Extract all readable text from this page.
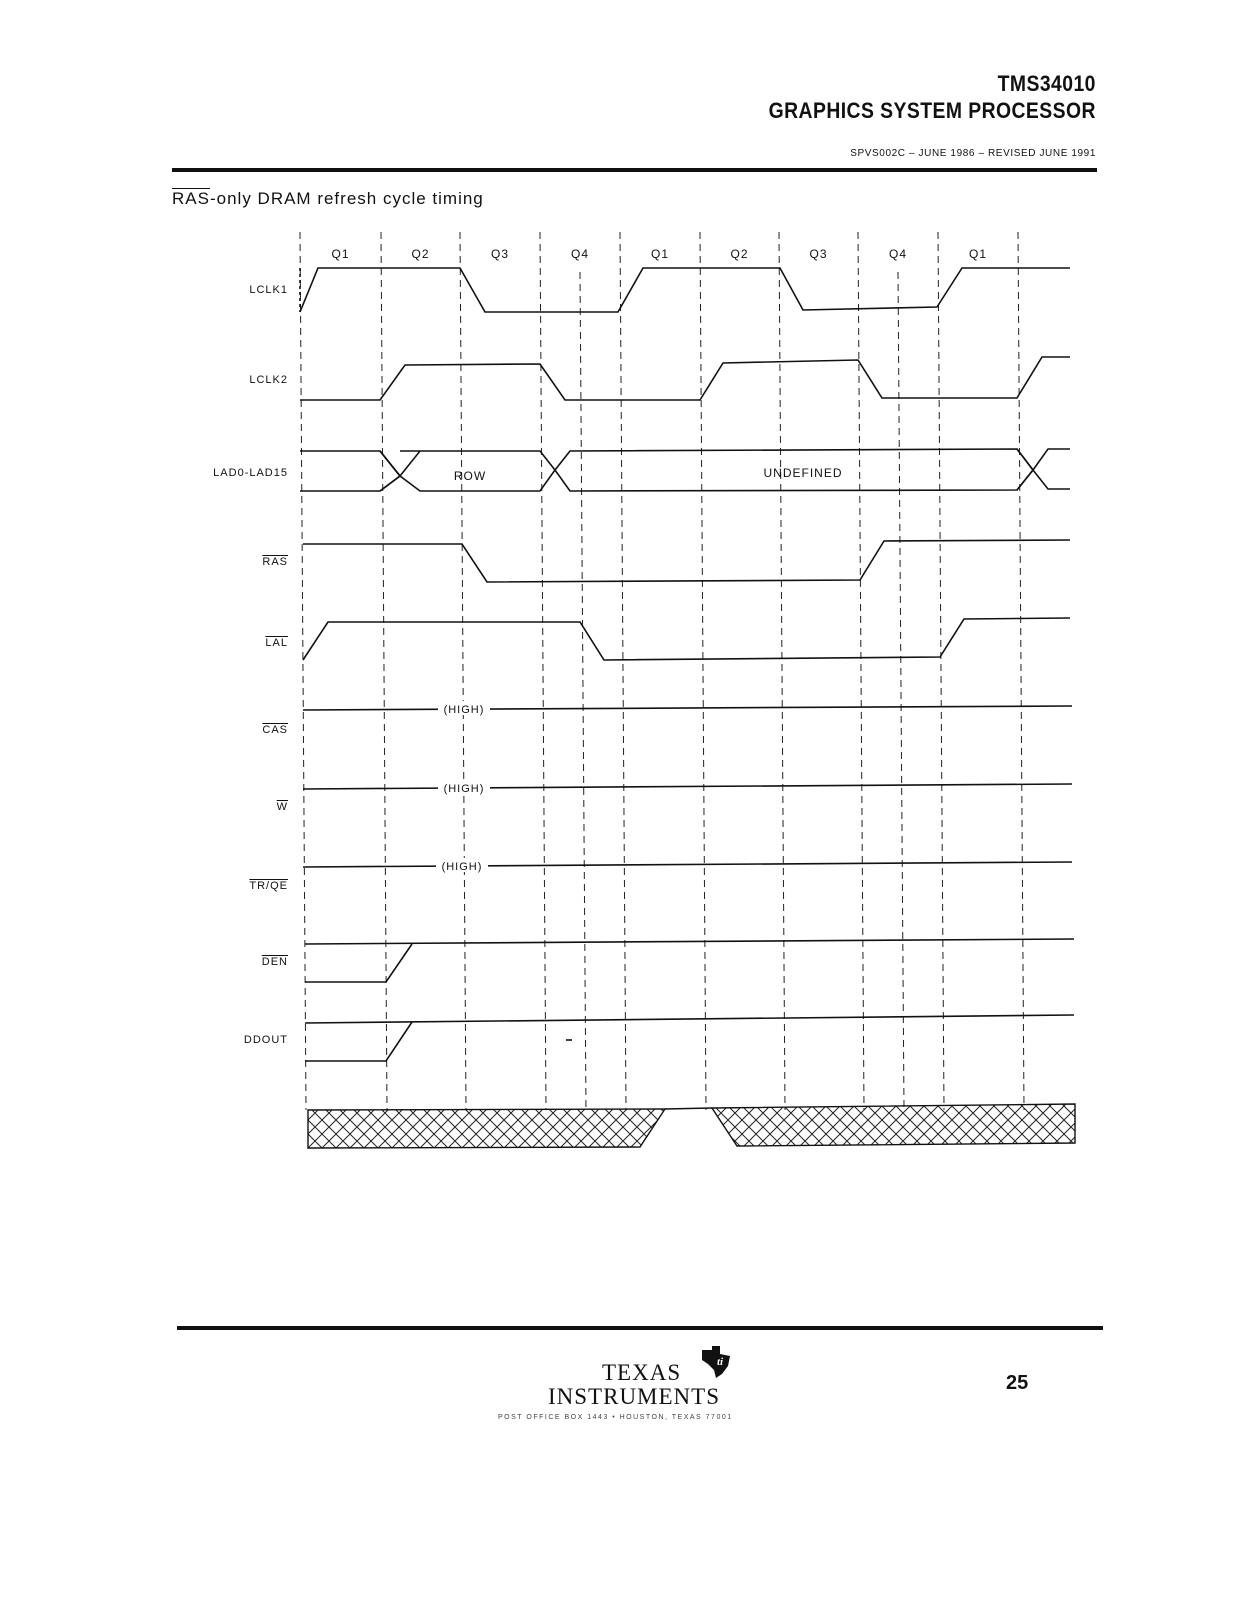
TMS34010
GRAPHICS SYSTEM PROCESSOR
SPVS002C – JUNE 1986 – REVISED JUNE 1991
$\overline{RAS}$-only DRAM refresh cycle timing
LCLK1
LCLK2
LAD0-LAD15
$\overline{RAS}$
$\overline{LAL}$
$\overline{CAS}$
$\overline{W}$
TR/QE
$\overline{DEN}$
DDOUT
Q1	Q2	Q3	Q4	Q1	Q2	Q3	Q4	Q1
ROW	UNDEFINED
(HIGH)
(HIGH)
(HIGH)
TEXAS
INSTRUMENTS
ti
POST OFFICE BOX 1443 • HOUSTON, TEXAS 77001
25
